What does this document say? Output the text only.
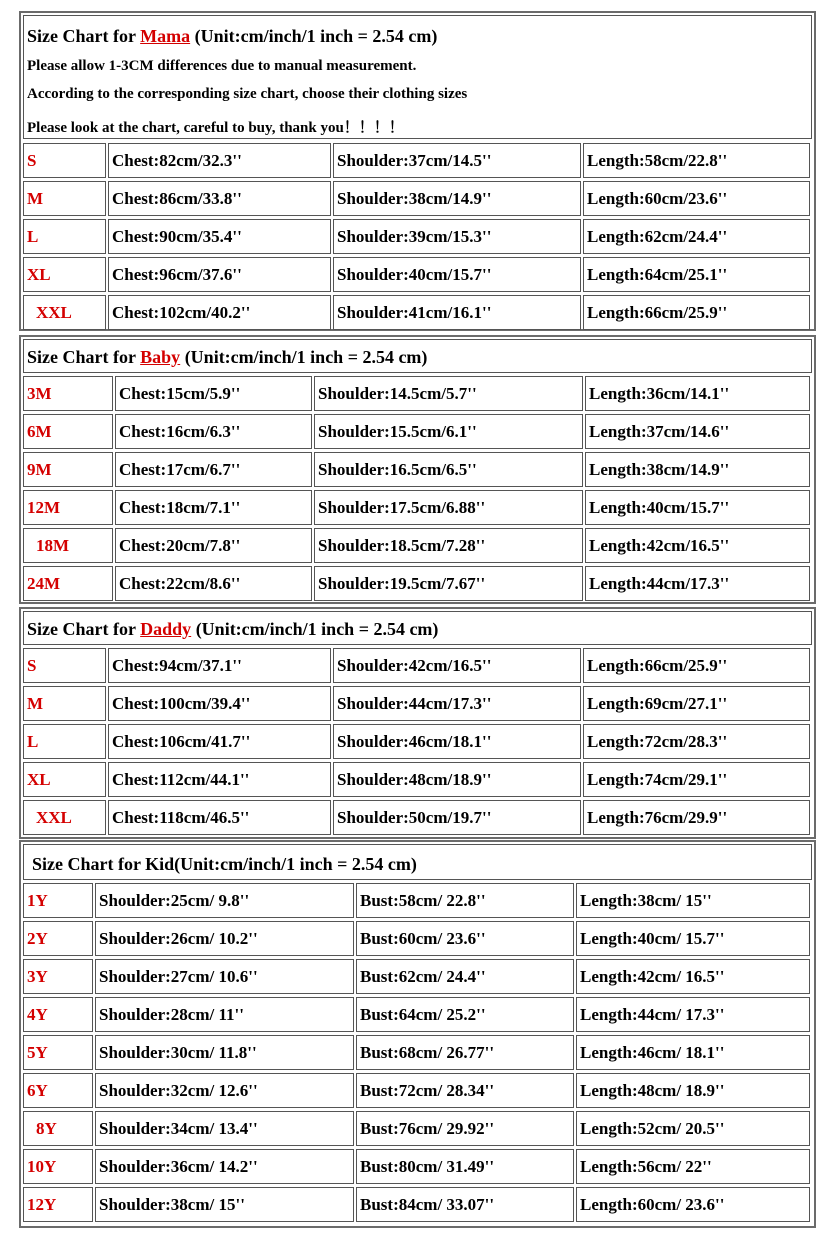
Size Chart for Mama (Unit:cm/inch/1 inch = 2.54 cm)
Please allow 1-3CM differences due to manual measurement.
According to the corresponding size chart, choose their clothing sizes
Please look at the chart, careful to buy, thank you！！！！
S	Chest:82cm/32.3''	Shoulder:37cm/14.5''	Length:58cm/22.8''
M	Chest:86cm/33.8''	Shoulder:38cm/14.9''	Length:60cm/23.6''
L	Chest:90cm/35.4''	Shoulder:39cm/15.3''	Length:62cm/24.4''
XL	Chest:96cm/37.6''	Shoulder:40cm/15.7''	Length:64cm/25.1''
XXL	Chest:102cm/40.2''	Shoulder:41cm/16.1''	Length:66cm/25.9''
Size Chart for Baby (Unit:cm/inch/1 inch = 2.54 cm)
3M	Chest:15cm/5.9''	Shoulder:14.5cm/5.7''	Length:36cm/14.1''
6M	Chest:16cm/6.3''	Shoulder:15.5cm/6.1''	Length:37cm/14.6''
9M	Chest:17cm/6.7''	Shoulder:16.5cm/6.5''	Length:38cm/14.9''
12M	Chest:18cm/7.1''	Shoulder:17.5cm/6.88''	Length:40cm/15.7''
18M	Chest:20cm/7.8''	Shoulder:18.5cm/7.28''	Length:42cm/16.5''
24M	Chest:22cm/8.6''	Shoulder:19.5cm/7.67''	Length:44cm/17.3''
Size Chart for Daddy (Unit:cm/inch/1 inch = 2.54 cm)
S	Chest:94cm/37.1''	Shoulder:42cm/16.5''	Length:66cm/25.9''
M	Chest:100cm/39.4''	Shoulder:44cm/17.3''	Length:69cm/27.1''
L	Chest:106cm/41.7''	Shoulder:46cm/18.1''	Length:72cm/28.3''
XL	Chest:112cm/44.1''	Shoulder:48cm/18.9''	Length:74cm/29.1''
XXL	Chest:118cm/46.5''	Shoulder:50cm/19.7''	Length:76cm/29.9''
Size Chart for Kid(Unit:cm/inch/1 inch = 2.54 cm)
1Y	Shoulder:25cm/ 9.8''	Bust:58cm/ 22.8''	Length:38cm/ 15''
2Y	Shoulder:26cm/ 10.2''	Bust:60cm/ 23.6''	Length:40cm/ 15.7''
3Y	Shoulder:27cm/ 10.6''	Bust:62cm/ 24.4''	Length:42cm/ 16.5''
4Y	Shoulder:28cm/ 11''	Bust:64cm/ 25.2''	Length:44cm/ 17.3''
5Y	Shoulder:30cm/ 11.8''	Bust:68cm/ 26.77''	Length:46cm/ 18.1''
6Y	Shoulder:32cm/ 12.6''	Bust:72cm/ 28.34''	Length:48cm/ 18.9''
8Y	Shoulder:34cm/ 13.4''	Bust:76cm/ 29.92''	Length:52cm/ 20.5''
10Y	Shoulder:36cm/ 14.2''	Bust:80cm/ 31.49''	Length:56cm/ 22''
12Y	Shoulder:38cm/ 15''	Bust:84cm/ 33.07''	Length:60cm/ 23.6''
